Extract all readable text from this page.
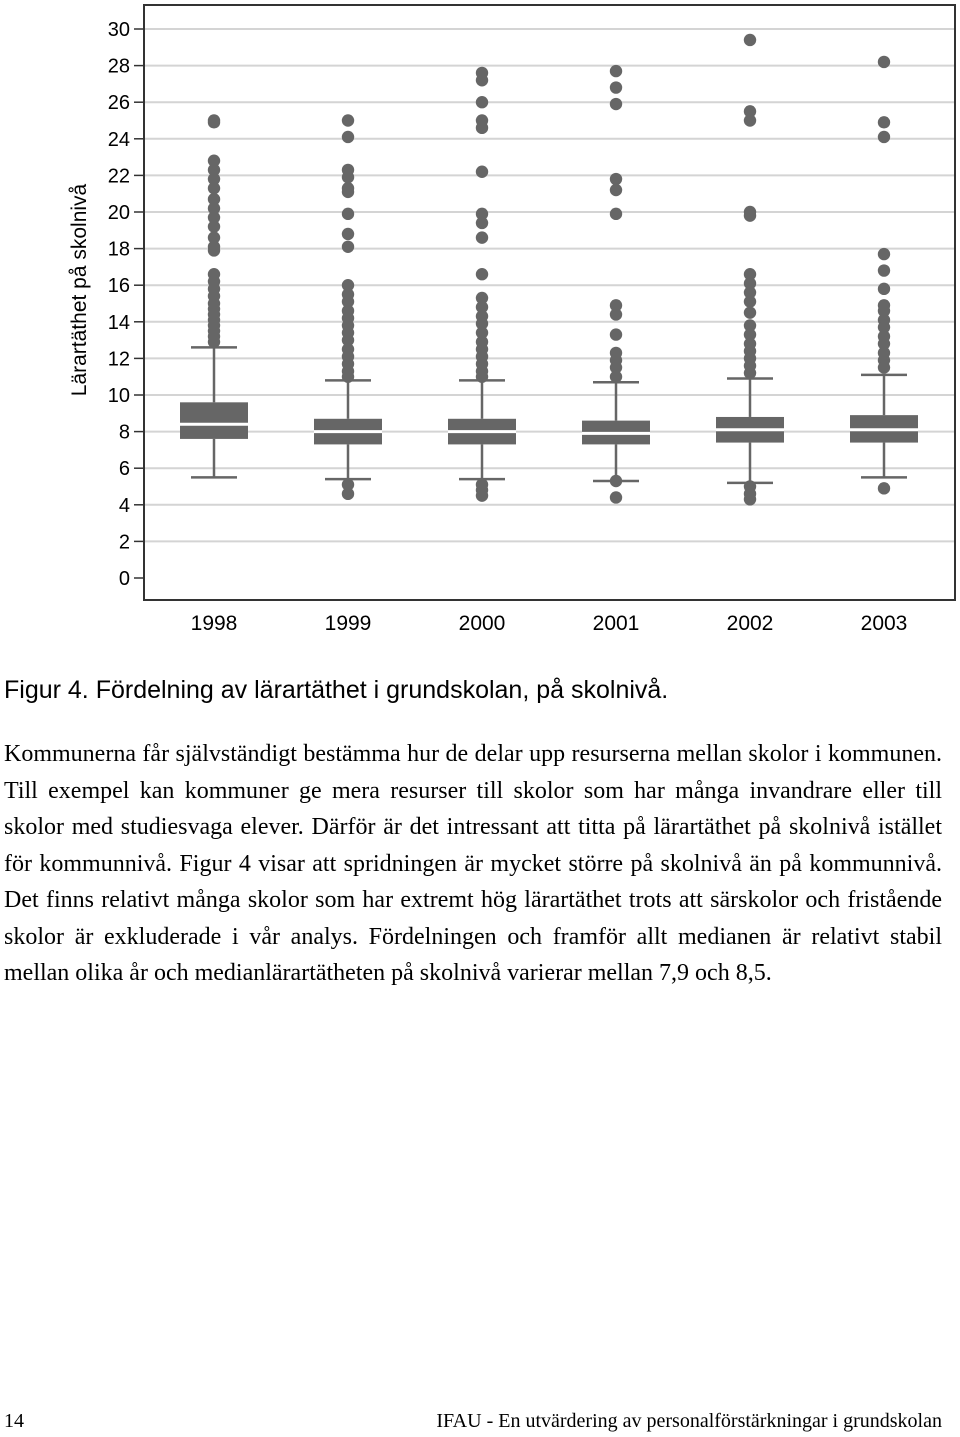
0
2
4
6
8
10
12
14
16
18
20
22
24
26
28
30
1998	1999	2000	2001	2002	2003
Lärartäthet på skolnivå

Figur 4. Fördelning av lärartäthet i grundskolan, på skolnivå.

Kommunerna får självständigt bestämma hur de delar upp resurserna mellan skolor i kommunen. Till exempel kan kommuner ge mera resurser till skolor som har många invandrare eller till skolor med studiesvaga elever. Därför är det intressant att titta på lärartäthet på skolnivå istället för kommunnivå. Figur 4 visar att spridningen är mycket större på skolnivå än på kommunnivå. Det finns relativt många skolor som har extremt hög lärartäthet trots att särskolor och fristående skolor är exkluderade i vår analys. Fördelningen och framför allt medianen är relativt stabil mellan olika år och medianlärartätheten på skolnivå varierar mellan 7,9 och 8,5.

14	IFAU - En utvärdering av personalförstärkningar i grundskolan
